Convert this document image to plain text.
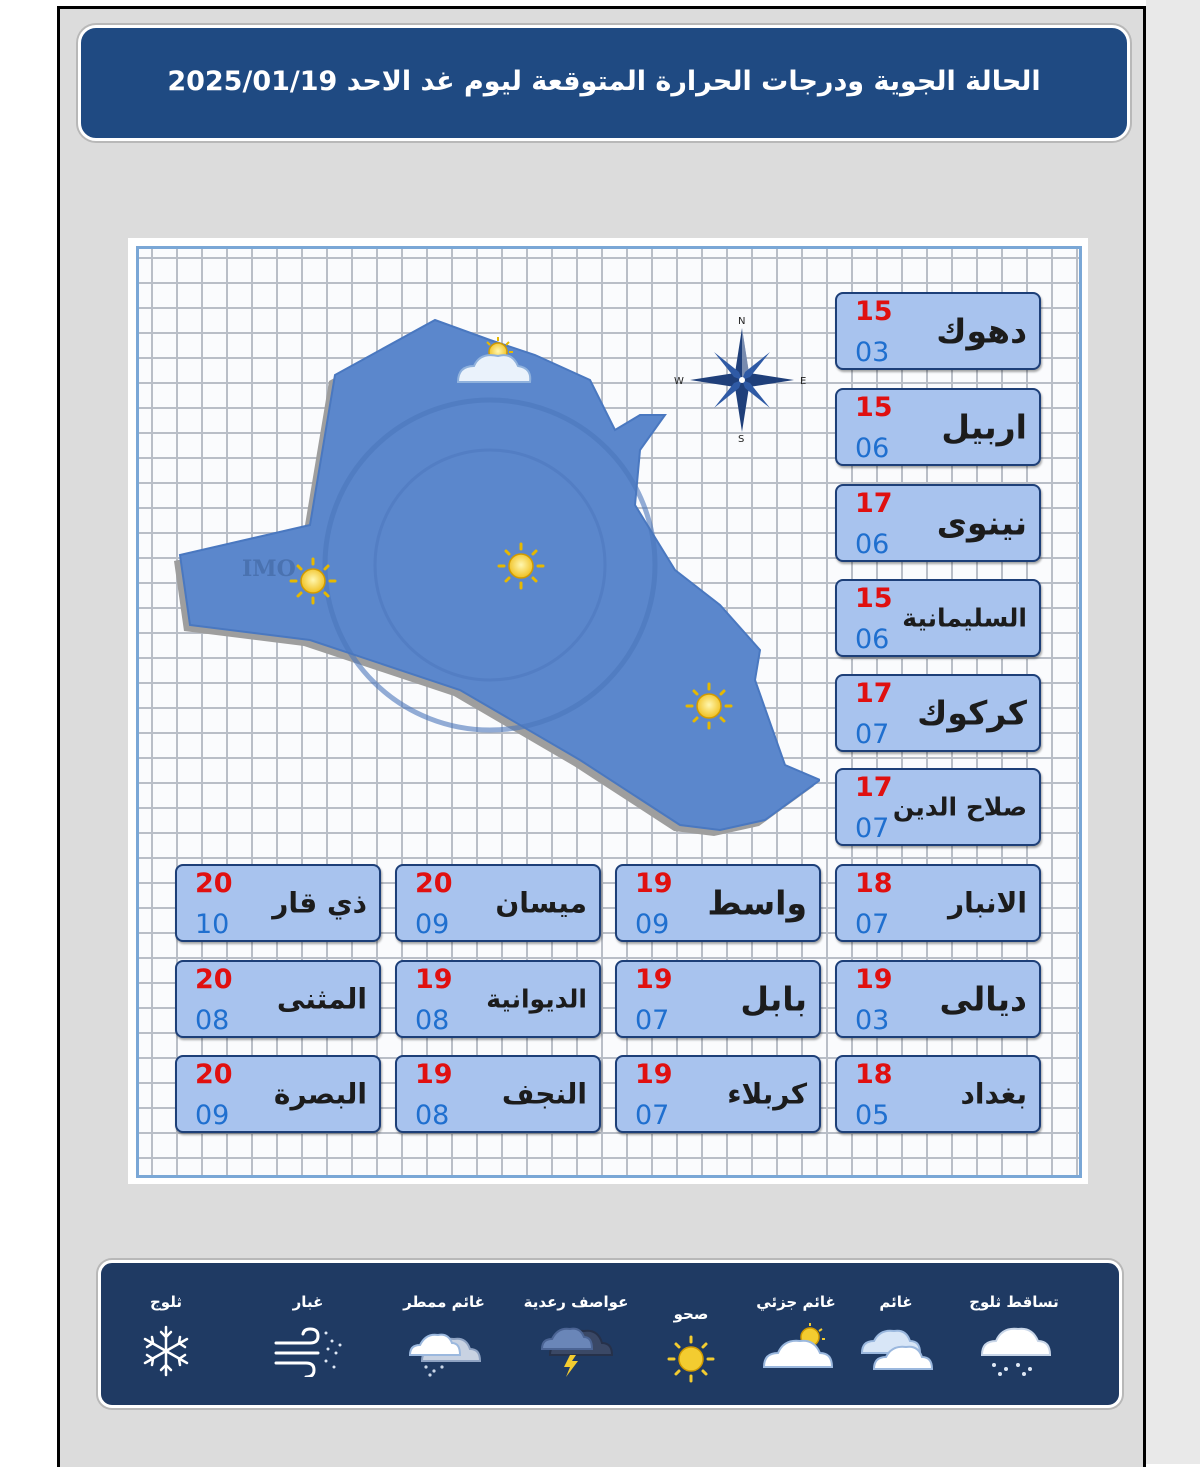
الحالة الجوية ودرجات الحرارة المتوقعة ليوم غد الاحد 2025/01/19
IMO
N
S
E
W
15
03
دهوك
15
06
اربيل
17
06
نينوى
15
06
السليمانية
17
07
كركوك
17
07
صلاح الدين
18
07
الانبار
19
09
واسط
20
09
ميسان
20
10
ذي قار
19
03
ديالى
19
07
بابل
19
08
الديوانية
20
08
المثنى
18
05
بغداد
19
07
كربلاء
19
08
النجف
20
09
البصرة
تساقط ثلوج
غائم
غائم جزئي
صحو
عواصف رعدية
غائم ممطر
غبار
ثلوج
